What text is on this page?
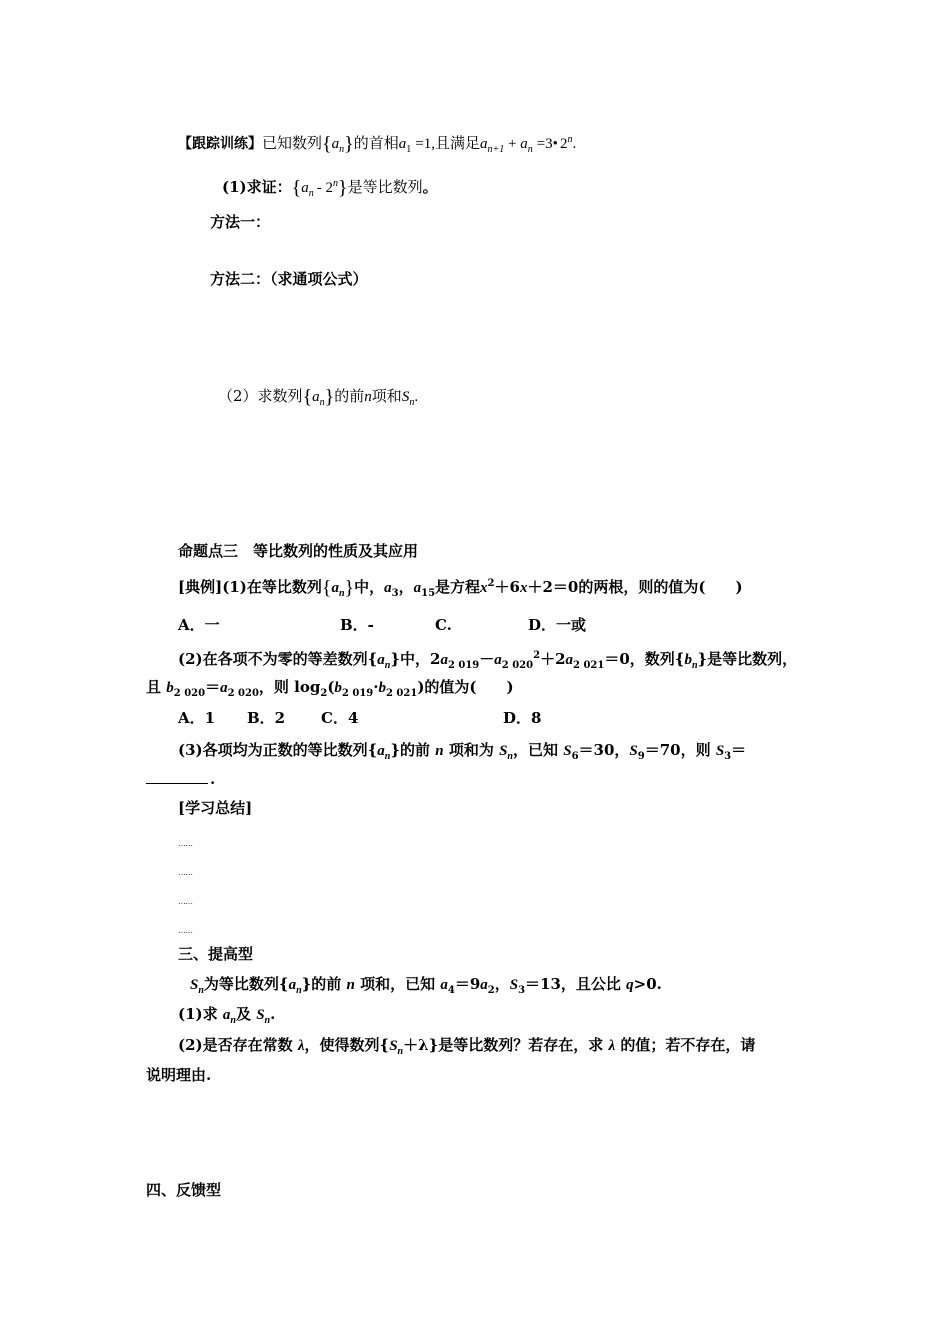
【跟踪训练】已知数列$\{a_n\}$的首相$a_1 =1$,且满足$a_{n+1} + a_n$ =3• 2$^n$.
(1)求证：$\{a_n - 2^n\}$是等比数列。
方法一：
方法二：（求通项公式）
（2）求数列$\{a_n\}$的前n项和$S_n$.
命题点三　等比数列的性质及其应用
[典例](1)在等比数列$\{a_n\}$中，$a_3$，$a_{15}$是方程$x^2+6x+2=0$的两根，则的值为(　　)
A．一	B．-	C.	D．一或
(2)在各项不为零的等差数列$\{a_n\}$中，$2a_{2 019}-a_{2 020}^2+2a_{2 021}=0$，数列$\{b_n\}$是等比数列，
且 $b_{2 020}=a_{2 020}$，则 $\log_2(b_{2 019}\cdot b_{2 021})$的值为(　　)
A．1 B．2 C．4	D．8
(3)各项均为正数的等比数列$\{a_n\}$的前 n 项和为 $S_n$，已知 $S_6=30$，$S_9=70$，则 $S_3=$
.
[学习总结]
……
……
……
……
三、提高型
$S_n$为等比数列$\{a_n\}$的前 n 项和，已知 $a_4=9a_2$，$S_3=13$，且公比 q>0.
(1)求 $a_n$及 $S_n$.
(2)是否存在常数 λ，使得数列$\{S_n+\lambda\}$是等比数列？若存在，求 λ 的值；若不存在，请
说明理由.
四、反馈型
